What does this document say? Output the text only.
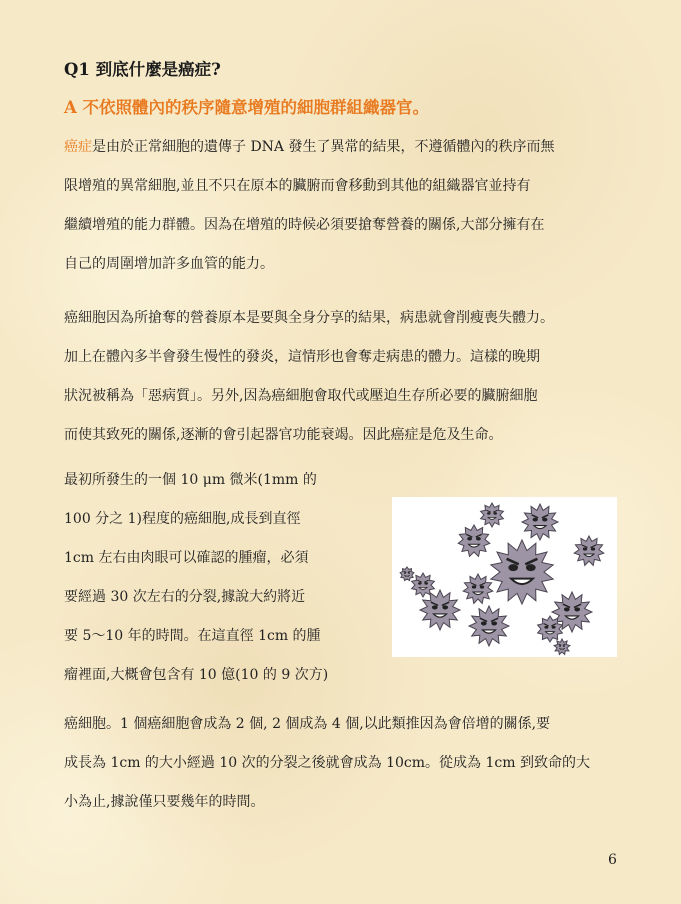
Q1 到底什麼是癌症?
A 不依照體內的秩序隨意增殖的細胞群組織器官。
癌症是由於正常細胞的遺傳子 DNA 發生了異常的結果，不遵循體內的秩序而無
限增殖的異常細胞,並且不只在原本的臟腑而會移動到其他的組織器官並持有
繼續增殖的能力群體。因為在增殖的時候必須要搶奪營養的關係,大部分擁有在
自己的周圍增加許多血管的能力。
癌細胞因為所搶奪的營養原本是要與全身分享的結果，病患就會削瘦喪失體力。
加上在體內多半會發生慢性的發炎，這情形也會奪走病患的體力。這樣的晚期
狀況被稱為「惡病質」。另外,因為癌細胞會取代或壓迫生存所必要的臟腑細胞
而使其致死的關係,逐漸的會引起器官功能衰竭。因此癌症是危及生命。
最初所發生的一個 10 μm 微米(1mm 的
100 分之 1)程度的癌細胞,成長到直徑
1cm 左右由肉眼可以確認的腫瘤，必須
要經過 30 次左右的分裂,據說大約將近
要 5～10 年的時間。在這直徑 1cm 的腫
瘤裡面,大概會包含有 10 億(10 的 9 次方)
癌細胞。1 個癌細胞會成為 2 個, 2 個成為 4 個,以此類推因為會倍增的關係,要
成長為 1cm 的大小經過 10 次的分裂之後就會成為 10cm。從成為 1cm 到致命的大
小為止,據說僅只要幾年的時間。
6
